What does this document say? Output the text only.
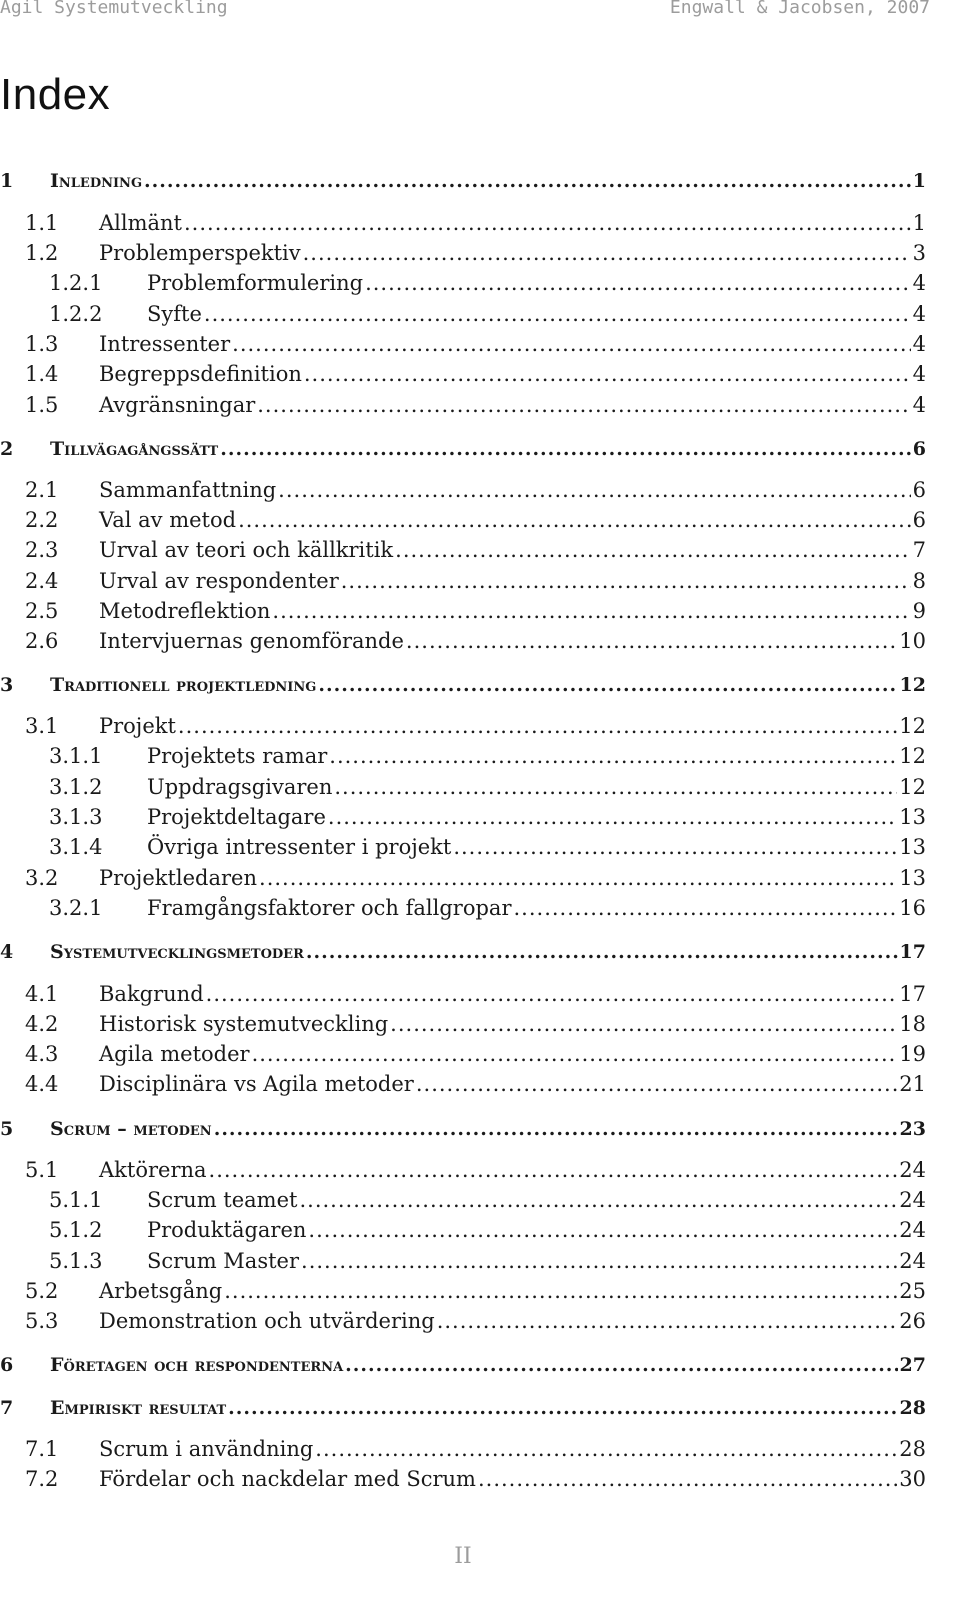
Agil Systemutveckling	Engwall & Jacobsen, 2007
Index
1	Inledning .....	1
1.1	Allmänt .....	1
1.2	Problemperspektiv .....	3
1.2.1	Problemformulering .....	4
1.2.2	Syfte .....	4
1.3	Intressenter .....	4
1.4	Begreppsdefinition .....	4
1.5	Avgränsningar .....	4
2	Tillvägagångssätt .....	6
2.1	Sammanfattning .....	6
2.2	Val av metod .....	6
2.3	Urval av teori och källkritik .....	7
2.4	Urval av respondenter .....	8
2.5	Metodreflektion .....	9
2.6	Intervjuernas genomförande .....	10
3	Traditionell projektledning .....	12
3.1	Projekt .....	12
3.1.1	Projektets ramar .....	12
3.1.2	Uppdragsgivaren .....	12
3.1.3	Projektdeltagare .....	13
3.1.4	Övriga intressenter i projekt .....	13
3.2	Projektledaren .....	13
3.2.1	Framgångsfaktorer och fallgropar .....	16
4	Systemutvecklingsmetoder .....	17
4.1	Bakgrund .....	17
4.2	Historisk systemutveckling .....	18
4.3	Agila metoder .....	19
4.4	Disciplinära vs Agila metoder .....	21
5	Scrum – metoden .....	23
5.1	Aktörerna .....	24
5.1.1	Scrum teamet .....	24
5.1.2	Produktägaren .....	24
5.1.3	Scrum Master .....	24
5.2	Arbetsgång .....	25
5.3	Demonstration och utvärdering .....	26
6	Företagen och respondenterna .....	27
7	Empiriskt resultat .....	28
7.1	Scrum i användning .....	28
7.2	Fördelar och nackdelar med Scrum .....	30
II
